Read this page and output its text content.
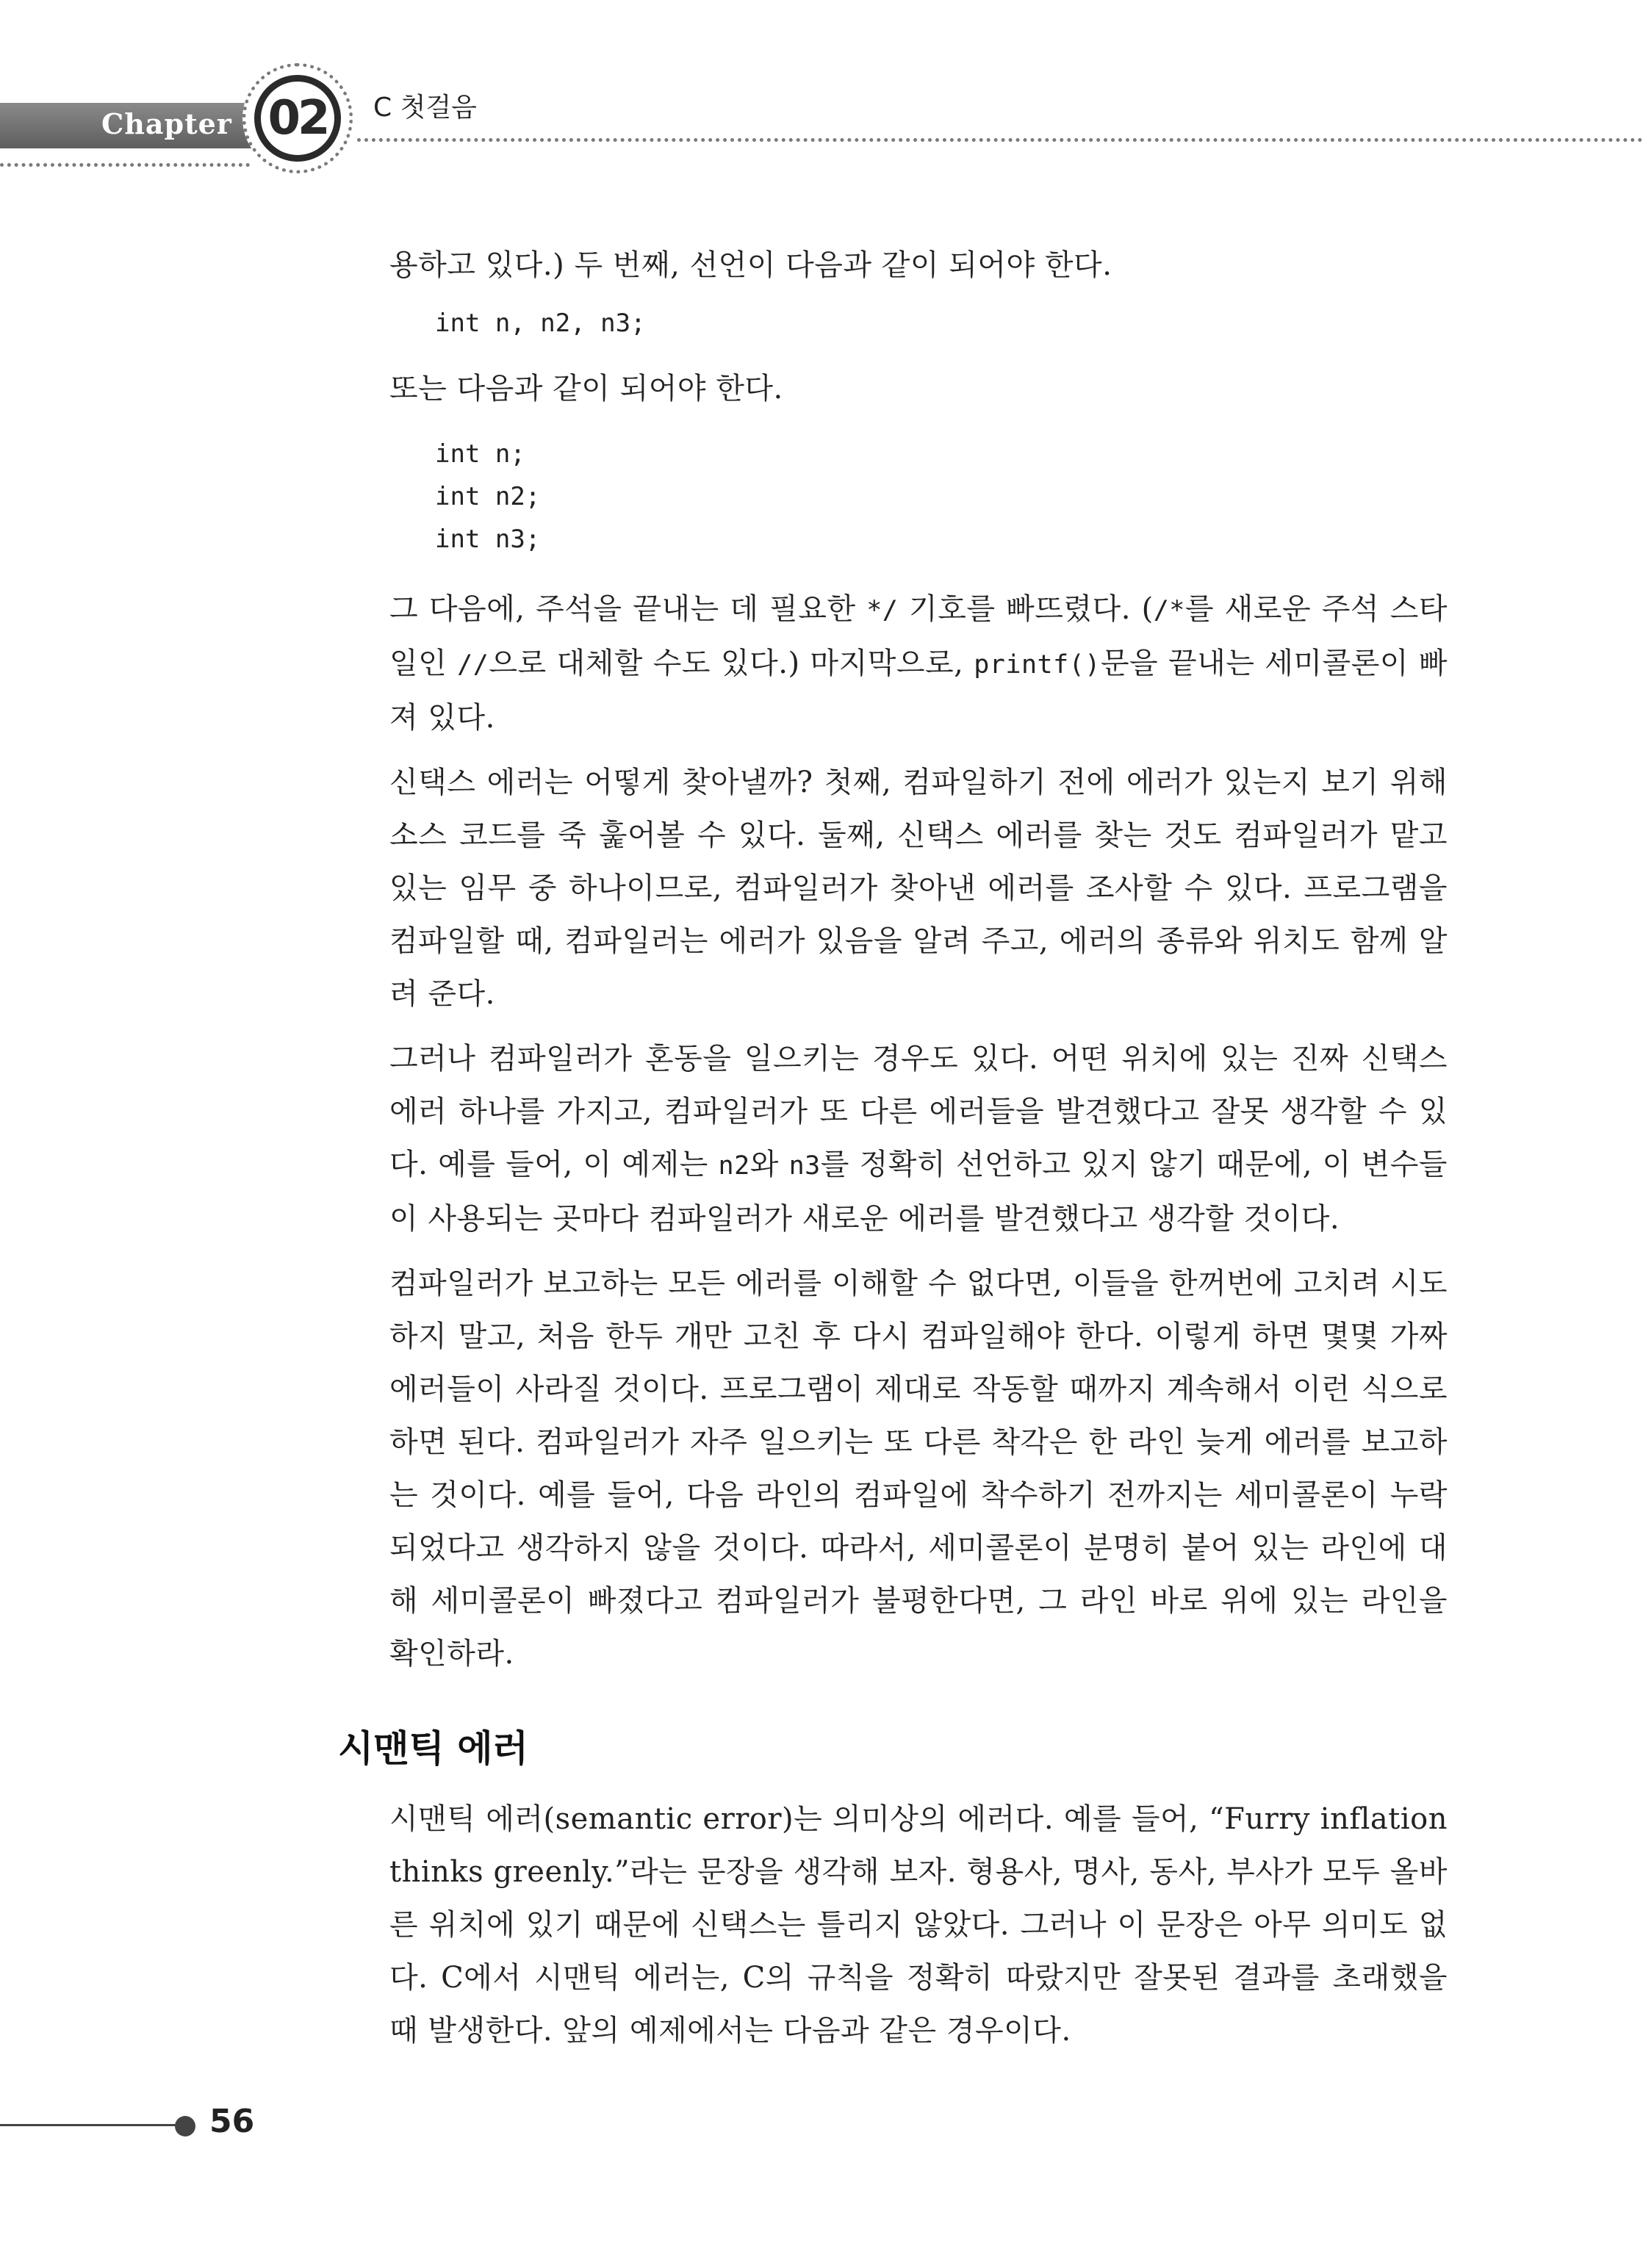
Chapter 02	C 첫걸음

용하고 있다.) 두 번째, 선언이 다음과 같이 되어야 한다.

int n, n2, n3;

또는 다음과 같이 되어야 한다.

int n;
int n2;
int n3;

그 다음에, 주석을 끝내는 데 필요한 */ 기호를 빠뜨렸다. (/*를 새로운 주석 스타일인 //으로 대체할 수도 있다.) 마지막으로, printf()문을 끝내는 세미콜론이 빠져 있다.

신택스 에러는 어떻게 찾아낼까? 첫째, 컴파일하기 전에 에러가 있는지 보기 위해 소스 코드를 죽 훑어볼 수 있다. 둘째, 신택스 에러를 찾는 것도 컴파일러가 맡고 있는 임무 중 하나이므로, 컴파일러가 찾아낸 에러를 조사할 수 있다. 프로그램을 컴파일할 때, 컴파일러는 에러가 있음을 알려 주고, 에러의 종류와 위치도 함께 알려 준다.

그러나 컴파일러가 혼동을 일으키는 경우도 있다. 어떤 위치에 있는 진짜 신택스 에러 하나를 가지고, 컴파일러가 또 다른 에러들을 발견했다고 잘못 생각할 수 있다. 예를 들어, 이 예제는 n2와 n3를 정확히 선언하고 있지 않기 때문에, 이 변수들이 사용되는 곳마다 컴파일러가 새로운 에러를 발견했다고 생각할 것이다.

컴파일러가 보고하는 모든 에러를 이해할 수 없다면, 이들을 한꺼번에 고치려 시도하지 말고, 처음 한두 개만 고친 후 다시 컴파일해야 한다. 이렇게 하면 몇몇 가짜 에러들이 사라질 것이다. 프로그램이 제대로 작동할 때까지 계속해서 이런 식으로 하면 된다. 컴파일러가 자주 일으키는 또 다른 착각은 한 라인 늦게 에러를 보고하는 것이다. 예를 들어, 다음 라인의 컴파일에 착수하기 전까지는 세미콜론이 누락되었다고 생각하지 않을 것이다. 따라서, 세미콜론이 분명히 붙어 있는 라인에 대해 세미콜론이 빠졌다고 컴파일러가 불평한다면, 그 라인 바로 위에 있는 라인을 확인하라.

시맨틱 에러

시맨틱 에러(semantic error)는 의미상의 에러다. 예를 들어, “Furry inflation thinks greenly.”라는 문장을 생각해 보자. 형용사, 명사, 동사, 부사가 모두 올바른 위치에 있기 때문에 신택스는 틀리지 않았다. 그러나 이 문장은 아무 의미도 없다. C에서 시맨틱 에러는, C의 규칙을 정확히 따랐지만 잘못된 결과를 초래했을 때 발생한다. 앞의 예제에서는 다음과 같은 경우이다.

56
